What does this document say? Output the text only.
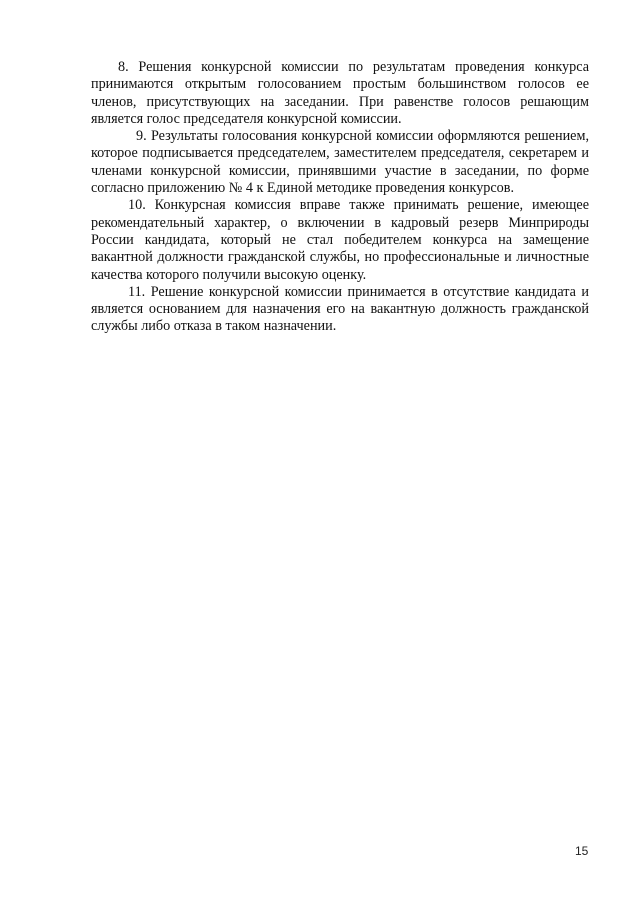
8. Решения конкурсной комиссии по результатам проведения конкурса принимаются открытым голосованием простым большинством голосов ее членов, присутствующих на заседании. При равенстве голосов решающим является голос председателя конкурсной комиссии.

9. Результаты голосования конкурсной комиссии оформляются решением, которое подписывается председателем, заместителем председателя, секретарем и членами конкурсной комиссии, принявшими участие в заседании, по форме согласно приложению № 4 к Единой методике проведения конкурсов.

10. Конкурсная комиссия вправе также принимать решение, имеющее рекомендательный характер, о включении в кадровый резерв Минприроды России кандидата, который не стал победителем конкурса на замещение вакантной должности гражданской службы, но профессиональные и личностные качества которого получили высокую оценку.

11. Решение конкурсной комиссии принимается в отсутствие кандидата и является основанием для назначения его на вакантную должность гражданской службы либо отказа в таком назначении.

15
